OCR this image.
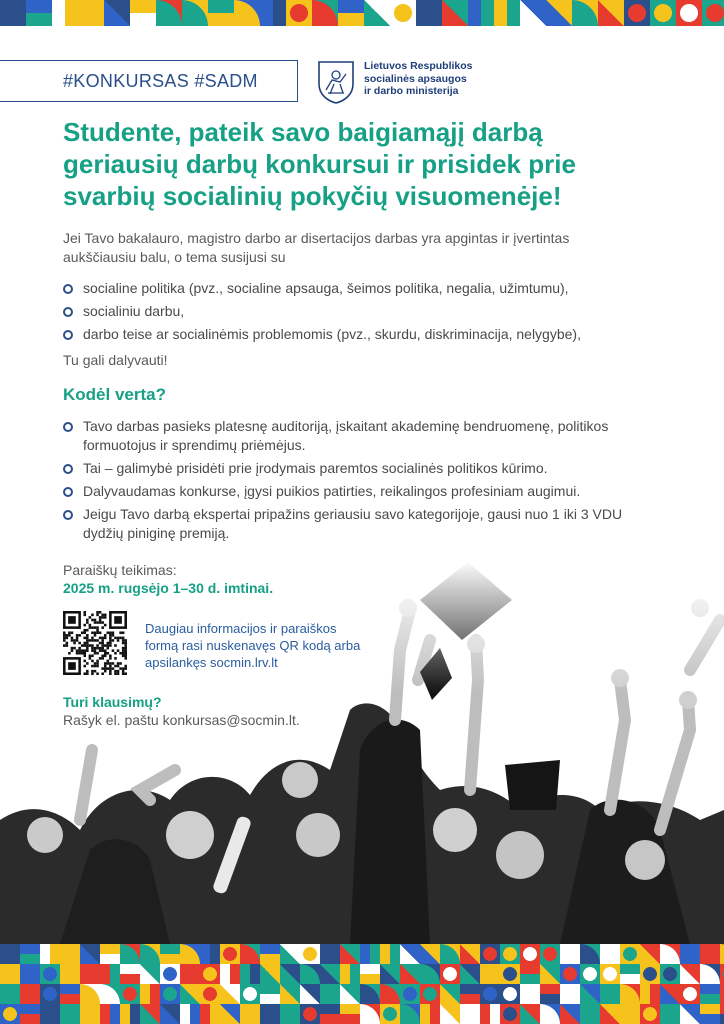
#KONKURSAS #SADM
Lietuvos Respublikos
socialinės apsaugos
ir darbo ministerija
Studente, pateik savo baigiamąjį darbą geriausių darbų konkursui ir prisidek prie svarbių socialinių pokyčių visuomenėje!

Jei Tavo bakalauro, magistro darbo ar disertacijos darbas yra apgintas ir įvertintas aukščiausiu balu, o tema susijusi su

socialine politika (pvz., socialine apsauga, šeimos politika, negalia, užimtumu),
socialiniu darbu,
darbo teise ar socialinėmis problemomis (pvz., skurdu, diskriminacija, nelygybe),

Tu gali dalyvauti!

Kodėl verta?
Tavo darbas pasieks platesnę auditoriją, įskaitant akademinę bendruomenę, politikos formuotojus ir sprendimų priėmėjus.
Tai – galimybė prisidėti prie įrodymais paremtos socialinės politikos kūrimo.
Dalyvaudamas konkurse, įgysi puikios patirties, reikalingos profesiniam augimui.
Jeigu Tavo darbą ekspertai pripažins geriausiu savo kategorijoje, gausi nuo 1 iki 3 VDU dydžių piniginę premiją.

Paraiškų teikimas:

2025 m. rugsėjo 1–30 d. imtinai.

Daugiau informacijos ir paraiškos formą rasi nuskenavęs QR kodą arba apsilankęs socmin.lrv.lt

Turi klausimų?

Rašyk el. paštu konkursas@socmin.lt.
